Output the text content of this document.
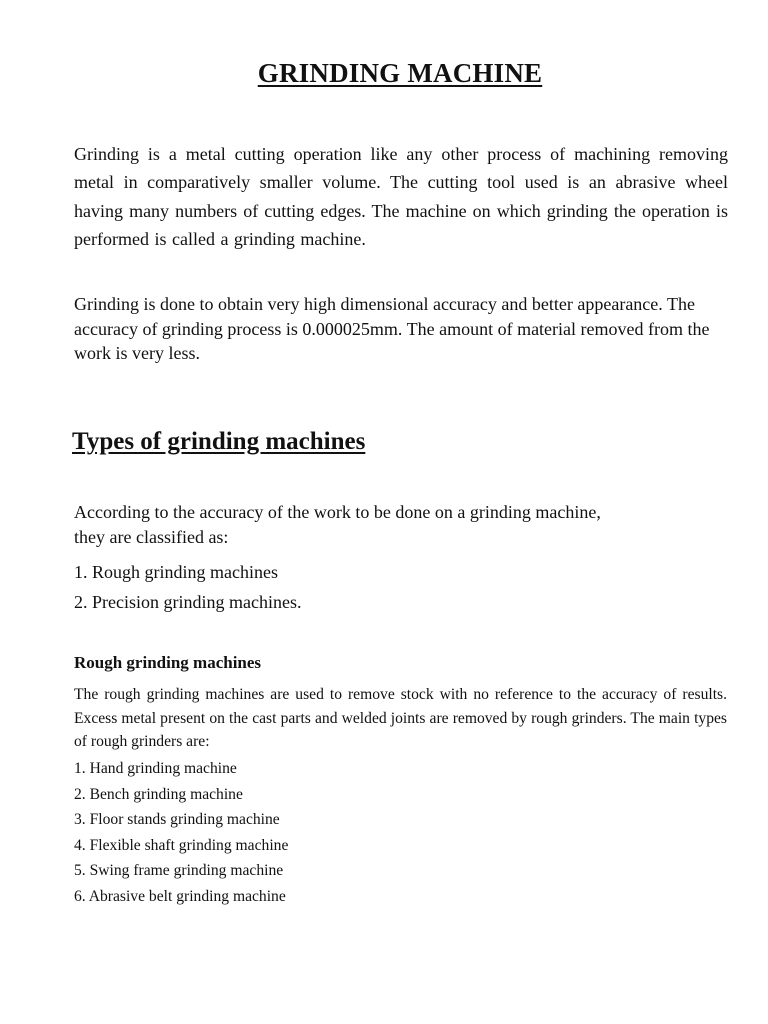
GRINDING MACHINE

Grinding is a metal cutting operation like any other process of machining removing metal in comparatively smaller volume. The cutting tool used is an abrasive wheel having many numbers of cutting edges. The machine on which grinding the operation is performed is called a grinding machine.

Grinding is done to obtain very high dimensional accuracy and better appearance. The accuracy of grinding process is 0.000025mm. The amount of material removed from the work is very less.

Types of grinding machines

According to the accuracy of the work to be done on a grinding machine, they are classified as:

1. Rough grinding machines
2. Precision grinding machines.
Rough grinding machines

The rough grinding machines are used to remove stock with no reference to the accuracy of results. Excess metal present on the cast parts and welded joints are removed by rough grinders. The main types of rough grinders are:

1. Hand grinding machine
2. Bench grinding machine
3. Floor stands grinding machine
4. Flexible shaft grinding machine
5. Swing frame grinding machine
6. Abrasive belt grinding machine
